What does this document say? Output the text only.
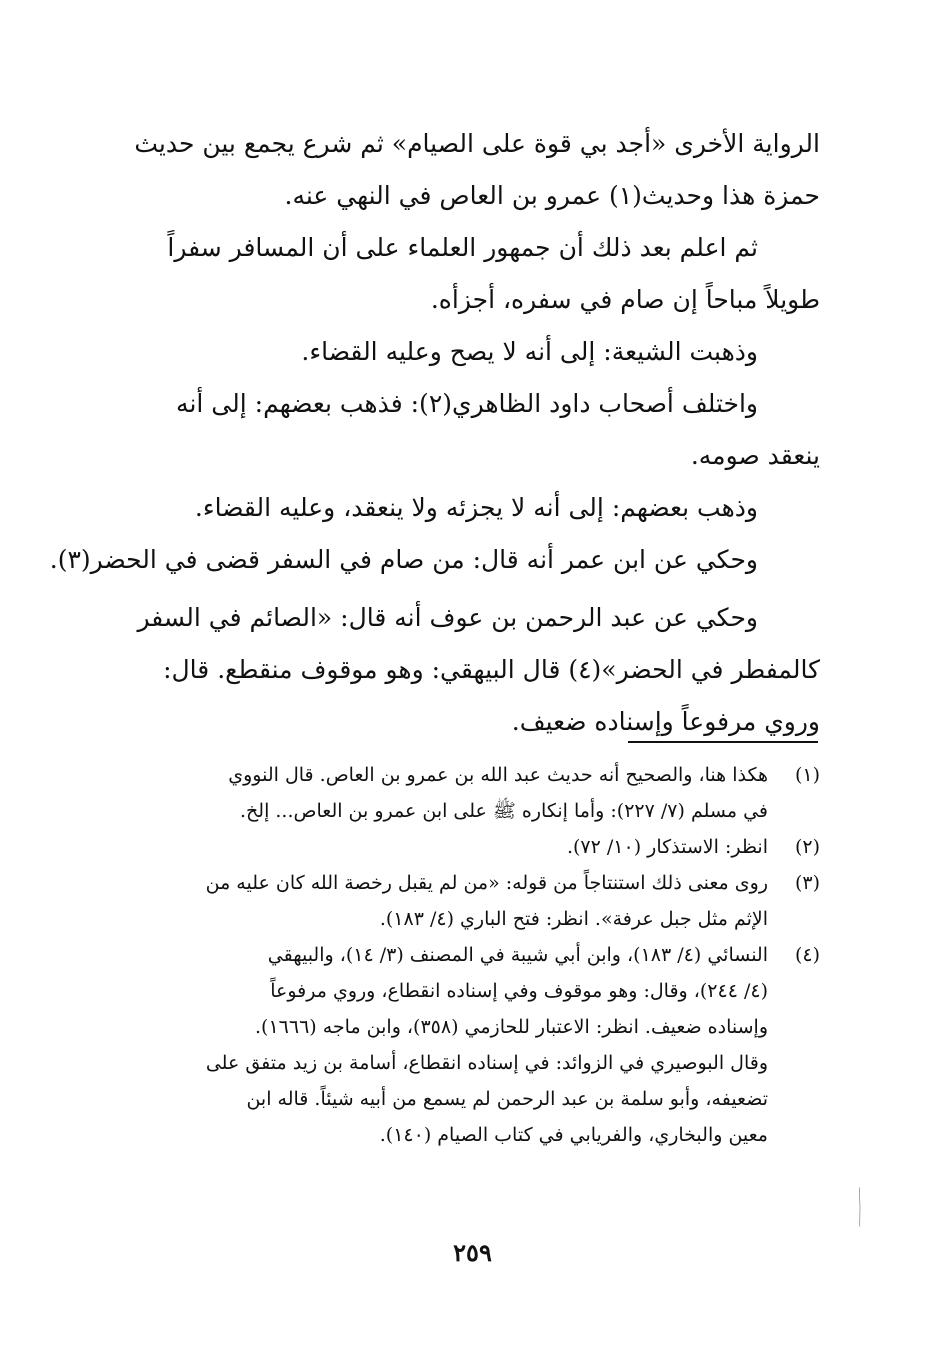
الرواية الأخرى «أجد بي قوة على الصيام» ثم شرع يجمع بين حديث
حمزة هذا وحديث(١) عمرو بن العاص في النهي عنه.
ثم اعلم بعد ذلك أن جمهور العلماء على أن المسافر سفراً
طويلاً مباحاً إن صام في سفره، أجزأه.
وذهبت الشيعة: إلى أنه لا يصح وعليه القضاء.
واختلف أصحاب داود الظاهري(٢): فذهب بعضهم: إلى أنه
ينعقد صومه.
وذهب بعضهم: إلى أنه لا يجزئه ولا ينعقد، وعليه القضاء.
وحكي عن ابن عمر أنه قال: من صام في السفر قضى في الحضر(٣).
وحكي عن عبد الرحمن بن عوف أنه قال: «الصائم في السفر
كالمفطر في الحضر»(٤) قال البيهقي: وهو موقوف منقطع. قال:
وروي مرفوعاً وإسناده ضعيف.
(١)
هكذا هنا، والصحيح أنه حديث عبد الله بن عمرو بن العاص. قال النووي
في مسلم (٧/ ٢٢٧): وأما إنكاره ﷺ على ابن عمرو بن العاص... إلخ.
(٢)
انظر: الاستذكار (١٠/ ٧٢).
(٣)
روى معنى ذلك استنتاجاً من قوله: «من لم يقبل رخصة الله كان عليه من
الإثم مثل جبل عرفة». انظر: فتح الباري (٤/ ١٨٣).
(٤)
النسائي (٤/ ١٨٣)، وابن أبي شيبة في المصنف (٣/ ١٤)، والبيهقي
(٤/ ٢٤٤)، وقال: وهو موقوف وفي إسناده انقطاع، وروي مرفوعاً
وإسناده ضعيف. انظر: الاعتبار للحازمي (٣٥٨)، وابن ماجه (١٦٦٦).
وقال البوصيري في الزوائد: في إسناده انقطاع، أسامة بن زيد متفق على
تضعيفه، وأبو سلمة بن عبد الرحمن لم يسمع من أبيه شيئاً. قاله ابن
معين والبخاري، والفريابي في كتاب الصيام (١٤٠).
٢٥٩
